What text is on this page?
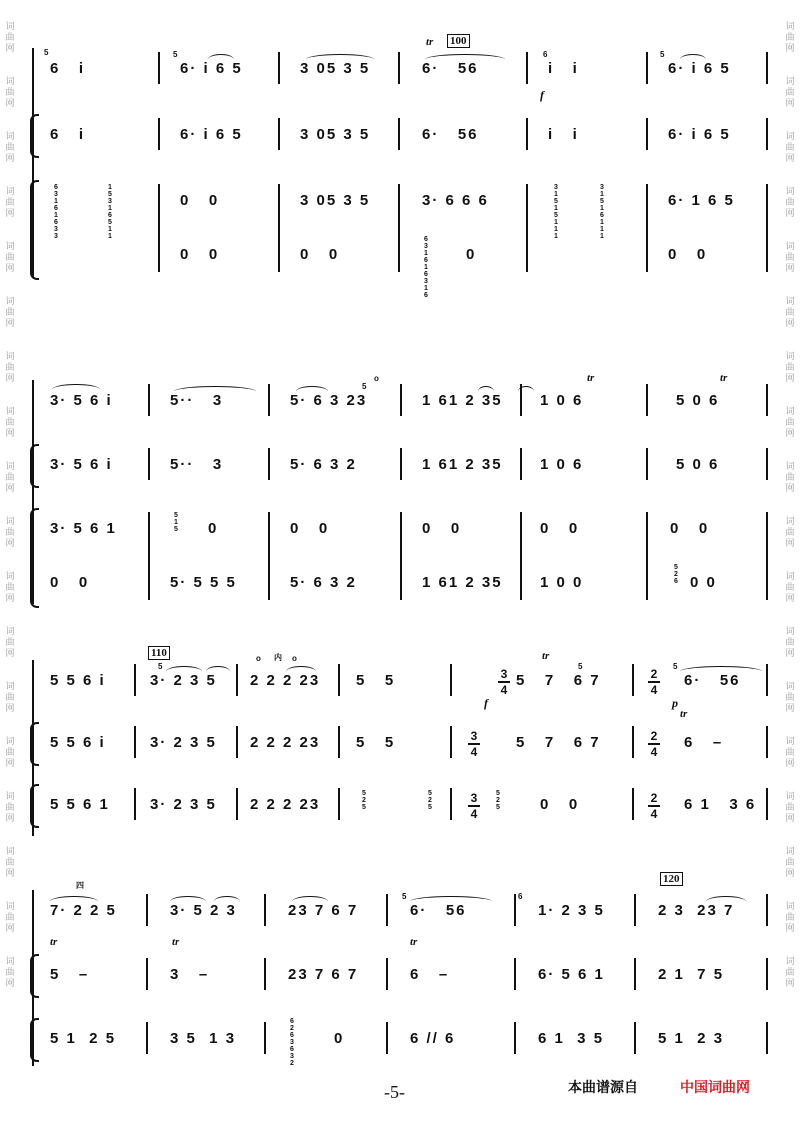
词
曲
网
词
曲
网
词
曲
网
词
曲
网
词
曲
网
词
曲
网
词
曲
网
词
曲
网
词
曲
网
词
曲
网
词
曲
网
词
曲
网
词
曲
网
词
曲
网
词
曲
网
词
曲
网
词
曲
网
词
曲
网
词
曲
网
词
曲
网
词
曲
网
词
曲
网
词
曲
网
词
曲
网
词
曲
网
词
曲
网
词
曲
网
词
曲
网
词
曲
网
词
曲
网
词
曲
网
词
曲
网
词
曲
网
词
曲
网
词
曲
网
词
曲
网
100
tr
5	5	6	5
f
6   i	6· i 6 5	3 05 3 5	6·   56	i   i	6· i 6 5
6   i	6· i 6 5	3 05 3 5	6·   56	i   i	6· i 6 5
6
3
1
6
1
6
3
3
1
5
3
1
6
5
1
1
0   0
0   0
3 05 3 5
0   0
3· 6 6 6
6
3
1
6
1
6
3
1
6
0
3
1
5
1
5
1
1
1
3
1
5
1
6
1
1
1
6· 1 6 5
0   0
tr	tr
5
o
3· 5 6 i	5··   3	5· 6 3 23	1 61 2 35 1 0 6	5 0 6
3· 5 6 i	5··   3	5· 6 3 2	1 61 2 35 1 0 6	5 0 6
3· 5 6 1
0   0
5
1
5 0
5· 5 5 5
0   0
5· 6 3 2
0   0
1 61 2 35
0   0
1 0 0
0   0
5
2
6 0 0
110	tr
tr
5	5	5
o 内 o
f	p
3
4
2
4
5 5 6 i	3· 2 3 5 2 2 2 23 5   5	5   7   6 7	6·   56
5 5 6 i	3· 2 3 5 2 2 2 23 5   5	3
4
5   7   6 7	2
4
6   –
5 5 6 1	3· 2 3 5 2 2 2 23
5
2
5
5
2
5
3
4
5
2
5	0   0	2
4
6 1   3 6
120
四
5	6
tr	tr	tr
7· 2 2 5	3· 5 2 3	23 7 6 7	6·   56	1· 2 3 5	2 3  23 7
5   –	3   –	23 7 6 7	6   –	6· 5 6 1	2 1  7 5
5 1  2 5	3 5  1 3
6
2
6
3
6
3
2
0	6 // 6	6 1  3 5	5 1  2 3
-5-	本曲谱源自	中国词曲网
